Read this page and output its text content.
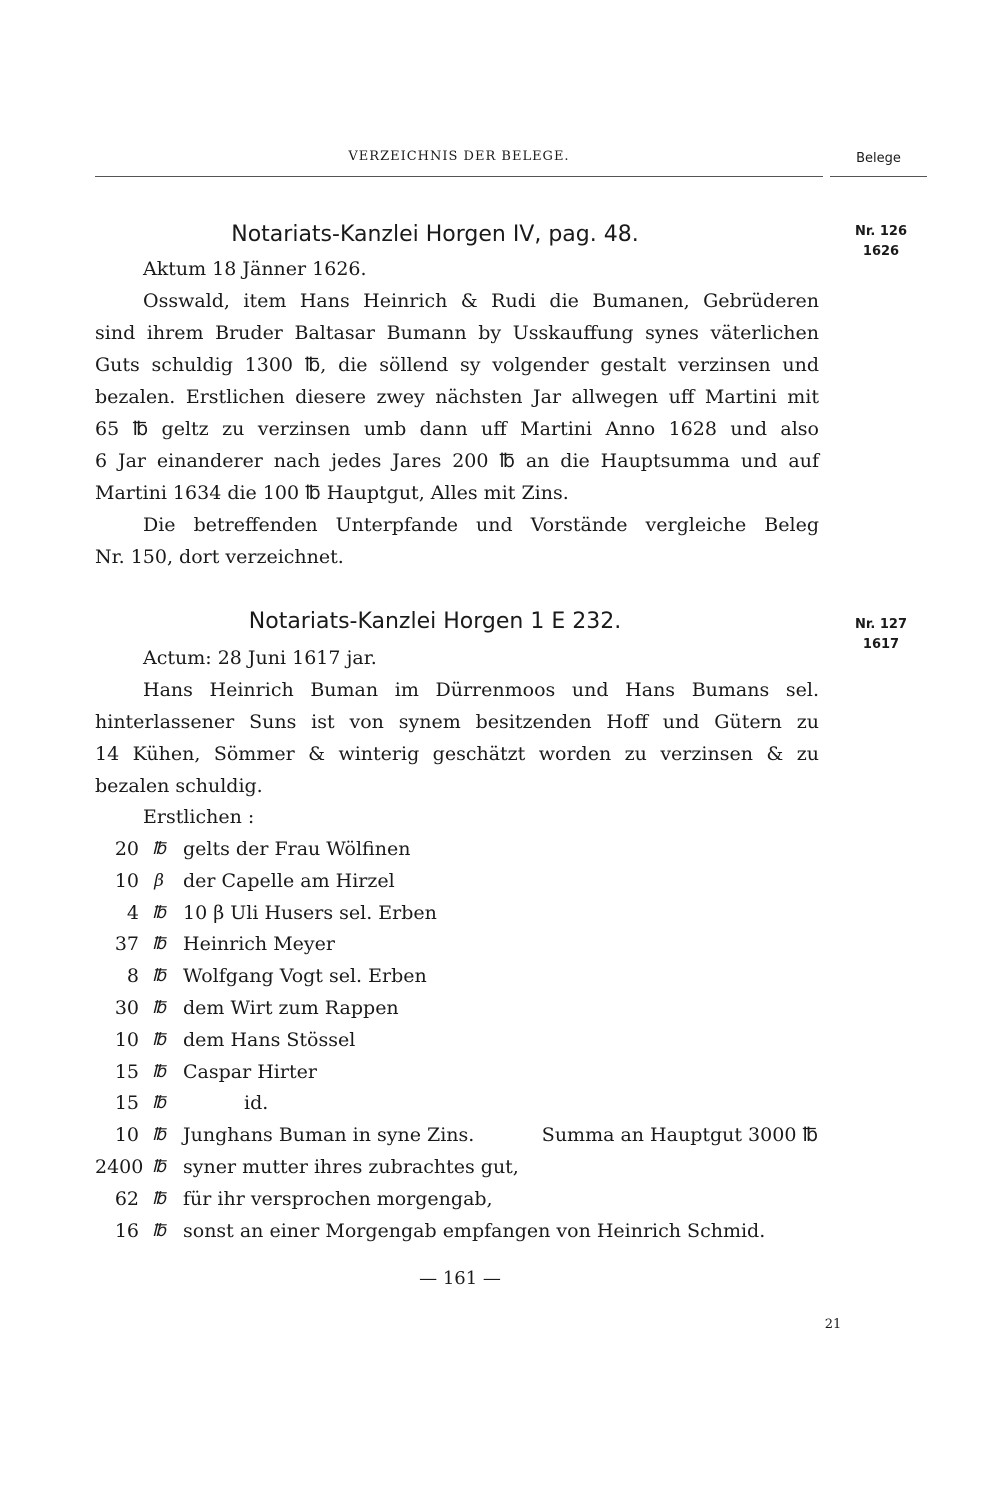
VERZEICHNIS DER BELEGE.	Belege
Notariats-Kanzlei Horgen IV, pag. 48.	Nr. 126
1626
Aktum 18 Jänner 1626.
Osswald, item Hans Heinrich & Rudi die Bumanen, Gebrüderen
sind ihrem Bruder Baltasar Bumann by Usskauffung synes väterlichen
Guts schuldig 1300 ℔, die söllend sy volgender gestalt verzinsen und
bezalen. Erstlichen diesere zwey nächsten Jar allwegen uff Martini mit
65 ℔ geltz zu verzinsen umb dann uff Martini Anno 1628 und also
6 Jar einanderer nach jedes Jares 200 ℔ an die Hauptsumma und auf
Martini 1634 die 100 ℔ Hauptgut, Alles mit Zins.
Die betreffenden Unterpfande und Vorstände vergleiche Beleg
Nr. 150, dort verzeichnet.
Notariats-Kanzlei Horgen 1 E 232.	Nr. 127
1617
Actum: 28 Juni 1617 jar.
Hans Heinrich Buman im Dürrenmoos und Hans Bumans sel.
hinterlassener Suns ist von synem besitzenden Hoff und Gütern zu
14 Kühen, Sömmer & winterig geschätzt worden zu verzinsen & zu
bezalen schuldig.
Erstlichen :
20 ℔ gelts der Frau Wölfinen
10 β	der Capelle am Hirzel
4 ℔ 10 β Uli Husers sel. Erben
37 ℔ Heinrich Meyer
8 ℔ Wolfgang Vogt sel. Erben
30 ℔ dem Wirt zum Rappen
10 ℔ dem Hans Stössel
15 ℔ Caspar Hirter
15 ℔	id.
10 ℔ Junghans Buman in syne Zins.	Summa an Hauptgut 3000 ℔
2400 ℔ syner mutter ihres zubrachtes gut,
62 ℔ für ihr versprochen morgengab,
16 ℔ sonst an einer Morgengab empfangen von Heinrich Schmid.
— 161 —
21
